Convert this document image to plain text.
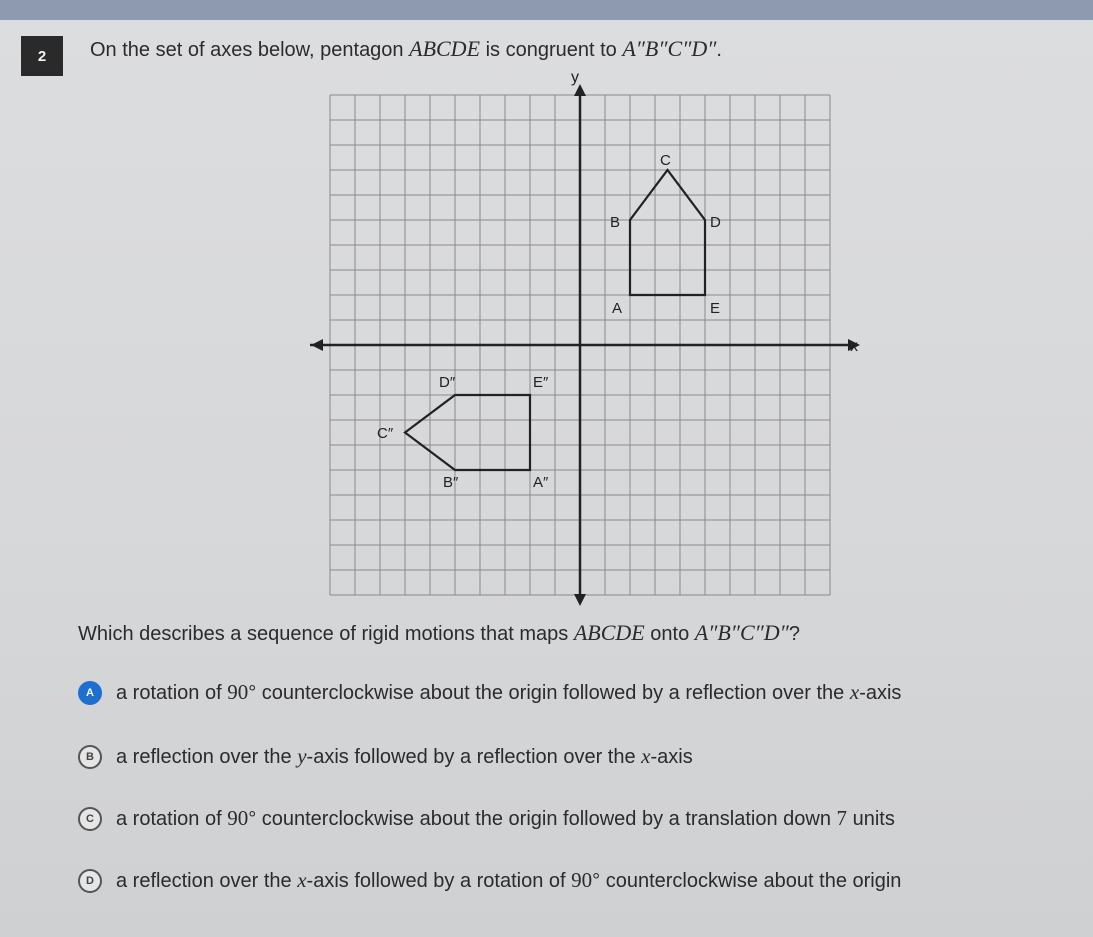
2 On the set of axes below, pentagon ABCDE is congruent to A″B″C″D″.
x
y
A
B
C
D
E
A″
B″
C″
D″	E″
Which describes a sequence of rigid motions that maps ABCDE onto A″B″C″D″?
A	a rotation of 90° counterclockwise about the origin followed by a reflection over the x-axis
B	a reflection over the y-axis followed by a reflection over the x-axis
C	a rotation of 90° counterclockwise about the origin followed by a translation down 7 units
D	a reflection over the x-axis followed by a rotation of 90° counterclockwise about the origin
